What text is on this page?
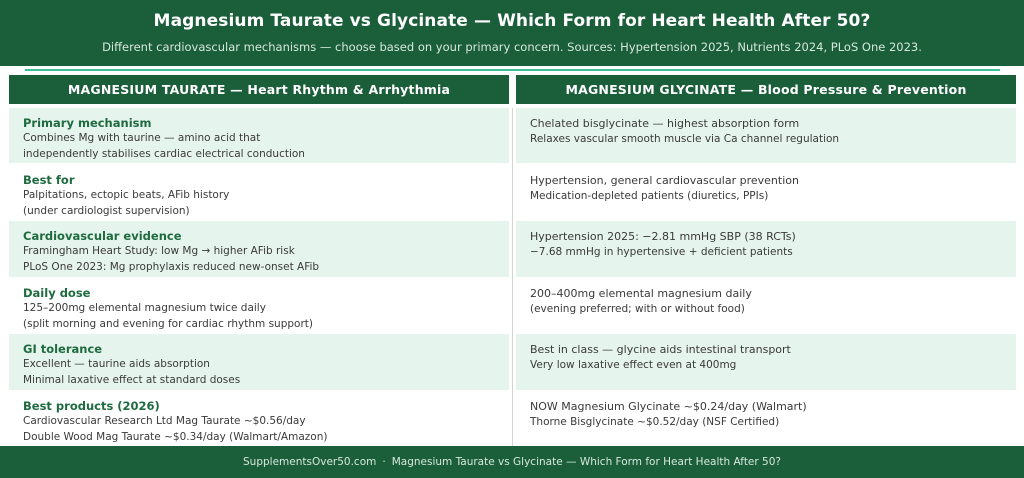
Magnesium Taurate vs Glycinate — Which Form for Heart Health After 50?
Different cardiovascular mechanisms — choose based on your primary concern. Sources: Hypertension 2025, Nutrients 2024, PLoS One 2023.
MAGNESIUM TAURATE — Heart Rhythm & Arrhythmia
Primary mechanism
Combines Mg with taurine — amino acid that
independently stabilises cardiac electrical conduction
Best for
Palpitations, ectopic beats, AFib history
(under cardiologist supervision)
Cardiovascular evidence
Framingham Heart Study: low Mg → higher AFib risk
PLoS One 2023: Mg prophylaxis reduced new-onset AFib
Daily dose
125–200mg elemental magnesium twice daily
(split morning and evening for cardiac rhythm support)
GI tolerance
Excellent — taurine aids absorption
Minimal laxative effect at standard doses
Best products (2026)
Cardiovascular Research Ltd Mag Taurate ~$0.56/day
Double Wood Mag Taurate ~$0.34/day (Walmart/Amazon)
MAGNESIUM GLYCINATE — Blood Pressure & Prevention
Chelated bisglycinate — highest absorption form
Relaxes vascular smooth muscle via Ca channel regulation
Hypertension, general cardiovascular prevention
Medication-depleted patients (diuretics, PPIs)
Hypertension 2025: −2.81 mmHg SBP (38 RCTs)
−7.68 mmHg in hypertensive + deficient patients
200–400mg elemental magnesium daily
(evening preferred; with or without food)
Best in class — glycine aids intestinal transport
Very low laxative effect even at 400mg
NOW Magnesium Glycinate ~$0.24/day (Walmart)
Thorne Bisglycinate ~$0.52/day (NSF Certified)
SupplementsOver50.com · Magnesium Taurate vs Glycinate — Which Form for Heart Health After 50?
